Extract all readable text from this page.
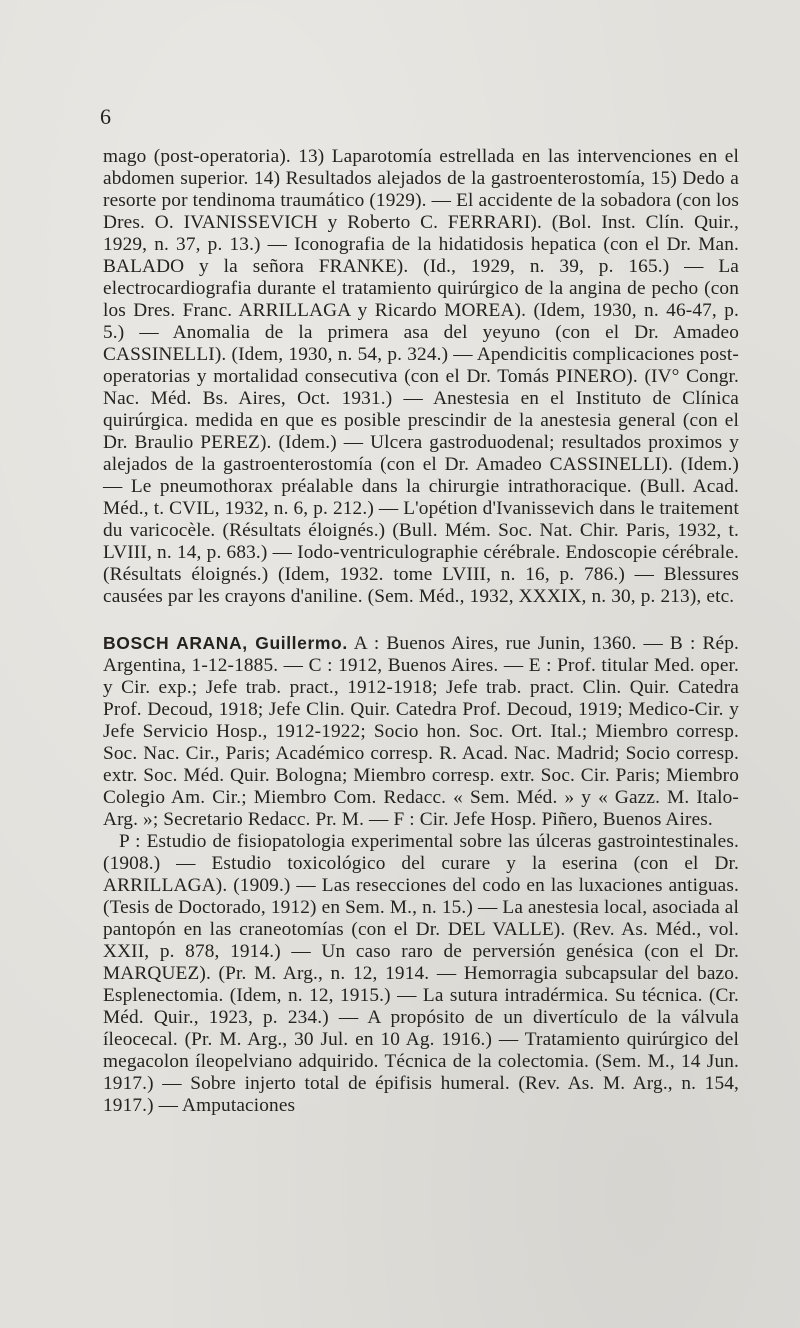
6

mago (post-operatoria). 13) Laparotomía estrellada en las intervenciones en el abdomen superior. 14) Resultados alejados de la gastroenterostomía, 15) Dedo a resorte por tendinoma traumático (1929). — El accidente de la sobadora (con los Dres. O. IVANISSEVICH y Roberto C. FERRARI). (Bol. Inst. Clín. Quir., 1929, n. 37, p. 13.) — Iconografia de la hidatidosis hepatica (con el Dr. Man. BALADO y la señora FRANKE). (Id., 1929, n. 39, p. 165.) — La electrocardiografia durante el tratamiento quirúrgico de la angina de pecho (con los Dres. Franc. ARRILLAGA y Ricardo MOREA). (Idem, 1930, n. 46-47, p. 5.) — Anomalia de la primera asa del yeyuno (con el Dr. Amadeo CASSINELLI). (Idem, 1930, n. 54, p. 324.) — Apendicitis complicaciones post-operatorias y mortalidad consecutiva (con el Dr. Tomás PINERO). (IV° Congr. Nac. Méd. Bs. Aires, Oct. 1931.) — Anestesia en el Instituto de Clínica quirúrgica. medida en que es posible prescindir de la anestesia general (con el Dr. Braulio PEREZ). (Idem.) — Ulcera gastroduodenal; resultados proximos y alejados de la gastroenterostomía (con el Dr. Amadeo CASSINELLI). (Idem.) — Le pneumothorax préalable dans la chirurgie intrathoracique. (Bull. Acad. Méd., t. CVIL, 1932, n. 6, p. 212.) — L'opétion d'Ivanissevich dans le traitement du varicocèle. (Résultats éloignés.) (Bull. Mém. Soc. Nat. Chir. Paris, 1932, t. LVIII, n. 14, p. 683.) — Iodo-ventriculographie cérébrale. Endoscopie cérébrale. (Résultats éloignés.) (Idem, 1932. tome LVIII, n. 16, p. 786.) — Blessures causées par les crayons d'aniline. (Sem. Méd., 1932, XXXIX, n. 30, p. 213), etc.

BOSCH ARANA, Guillermo. A : Buenos Aires, rue Junin, 1360. — B : Rép. Argentina, 1-12-1885. — C : 1912, Buenos Aires. — E : Prof. titular Med. oper. y Cir. exp.; Jefe trab. pract., 1912-1918; Jefe trab. pract. Clin. Quir. Catedra Prof. Decoud, 1918; Jefe Clin. Quir. Catedra Prof. Decoud, 1919; Medico-Cir. y Jefe Servicio Hosp., 1912-1922; Socio hon. Soc. Ort. Ital.; Miembro corresp. Soc. Nac. Cir., Paris; Académico corresp. R. Acad. Nac. Madrid; Socio corresp. extr. Soc. Méd. Quir. Bologna; Miembro corresp. extr. Soc. Cir. Paris; Miembro Colegio Am. Cir.; Miembro Com. Redacc. « Sem. Méd. » y « Gazz. M. Italo-Arg. »; Secretario Redacc. Pr. M. — F : Cir. Jefe Hosp. Piñero, Buenos Aires.

P : Estudio de fisiopatologia experimental sobre las úlceras gastrointestinales. (1908.) — Estudio toxicológico del curare y la eserina (con el Dr. ARRILLAGA). (1909.) — Las resecciones del codo en las luxaciones antiguas. (Tesis de Doctorado, 1912) en Sem. M., n. 15.) — La anestesia local, asociada al pantopón en las craneotomías (con el Dr. DEL VALLE). (Rev. As. Méd., vol. XXII, p. 878, 1914.) — Un caso raro de perversión genésica (con el Dr. MARQUEZ). (Pr. M. Arg., n. 12, 1914. — Hemorragia subcapsular del bazo. Esplenectomia. (Idem, n. 12, 1915.) — La sutura intradérmica. Su técnica. (Cr. Méd. Quir., 1923, p. 234.) — A propósito de un divertículo de la válvula íleocecal. (Pr. M. Arg., 30 Jul. en 10 Ag. 1916.) — Tratamiento quirúrgico del megacolon íleopelviano adquirido. Técnica de la colectomia. (Sem. M., 14 Jun. 1917.) — Sobre injerto total de épifisis humeral. (Rev. As. M. Arg., n. 154, 1917.) — Amputaciones
